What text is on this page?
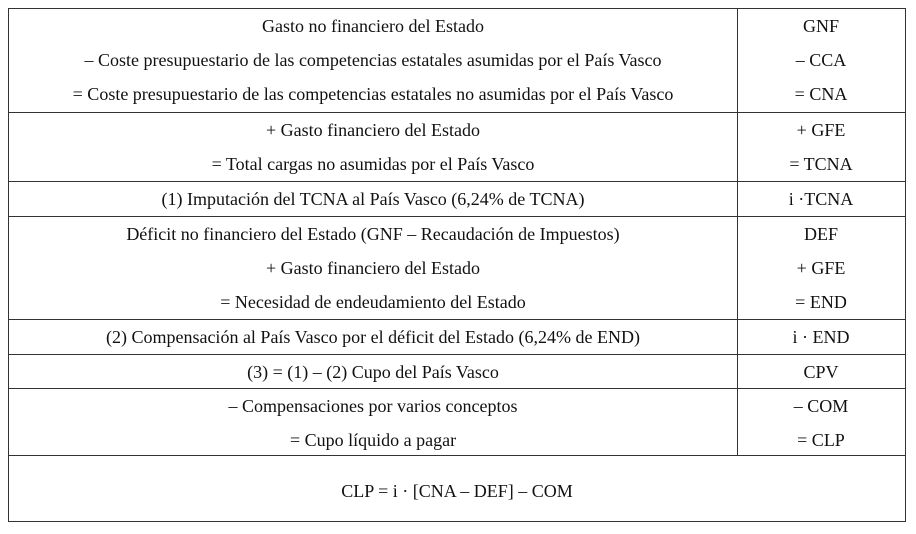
Gasto no financiero del Estado	GNF
– Coste presupuestario de las competencias estatales asumidas por el País Vasco	– CCA
= Coste presupuestario de las competencias estatales no asumidas por el País Vasco	= CNA
+ Gasto financiero del Estado	+ GFE
= Total cargas no asumidas por el País Vasco	= TCNA
(1) Imputación del TCNA al País Vasco (6,24% de TCNA)	i ·TCNA
Déficit no financiero del Estado (GNF – Recaudación de Impuestos)	DEF
+ Gasto financiero del Estado	+ GFE
= Necesidad de endeudamiento del Estado	= END
(2) Compensación al País Vasco por el déficit del Estado (6,24% de END)	i · END
(3) = (1) – (2) Cupo del País Vasco	CPV
– Compensaciones por varios conceptos	– COM
= Cupo líquido a pagar	= CLP
CLP = i · [CNA – DEF] – COM
